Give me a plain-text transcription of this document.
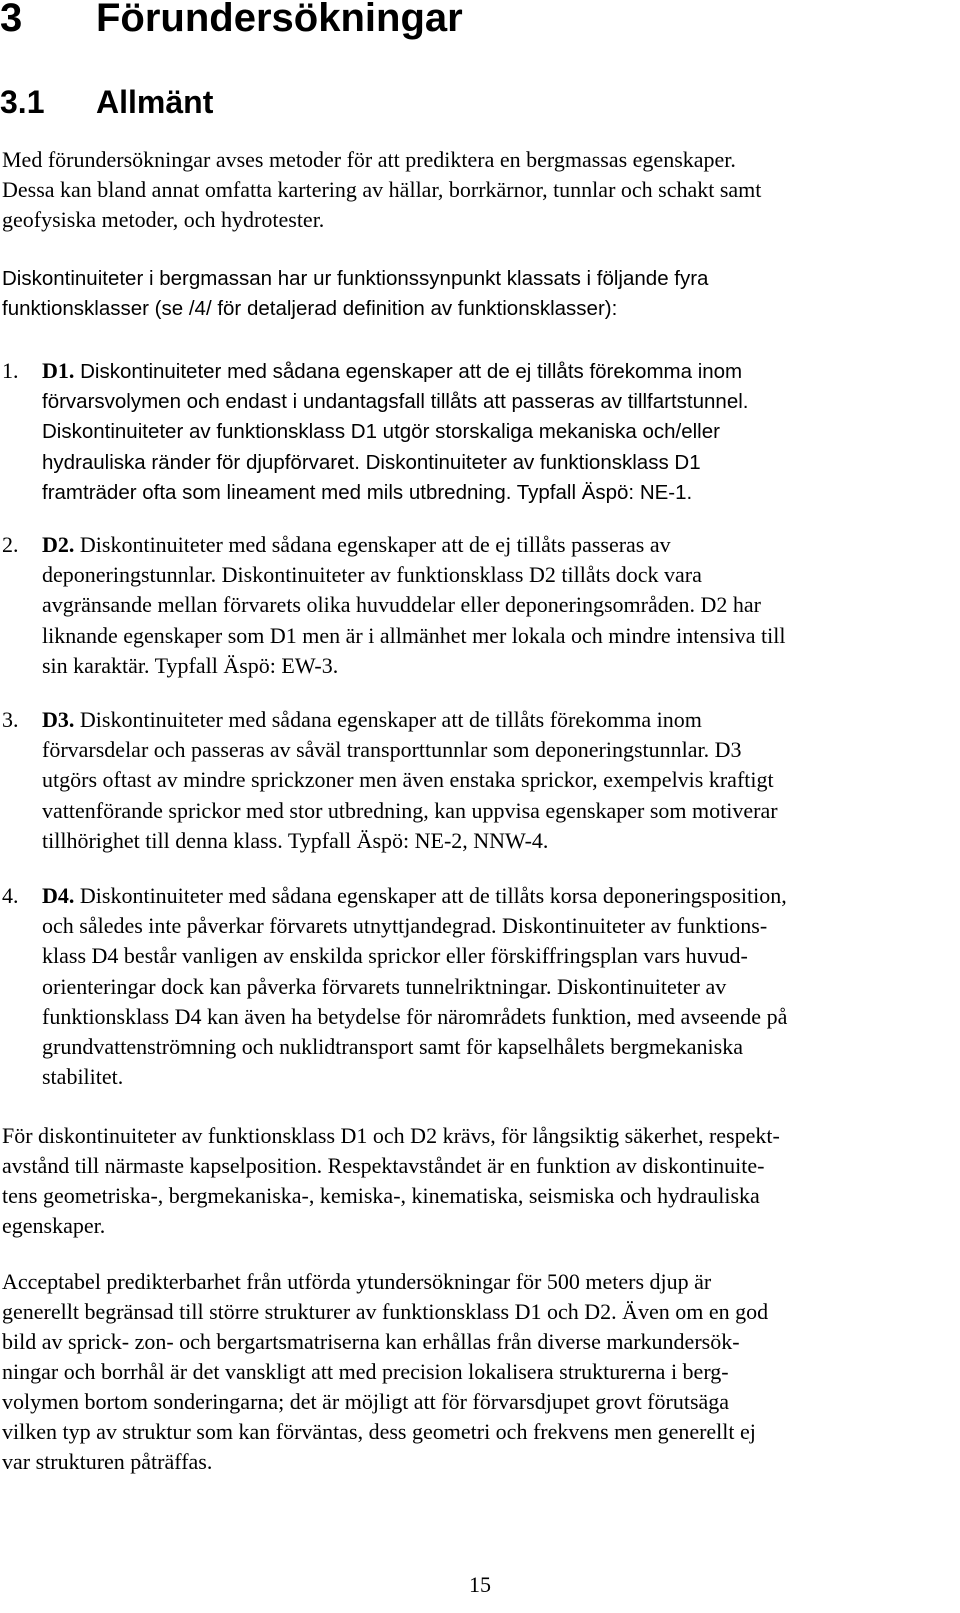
3 Förundersökningar
3.1 Allmänt

Med förundersökningar avses metoder för att prediktera en bergmassas egenskaper.
Dessa kan bland annat omfatta kartering av hällar, borrkärnor, tunnlar och schakt samt
geofysiska metoder, och hydrotester.

Diskontinuiteter i bergmassan har ur funktionssynpunkt klassats i följande fyra
funktionsklasser (se /4/ för detaljerad definition av funktionsklasser):

1. D1. Diskontinuiteter med sådana egenskaper att de ej tillåts förekomma inom
förvarsvolymen och endast i undantagsfall tillåts att passeras av tillfartstunnel.
Diskontinuiteter av funktionsklass D1 utgör storskaliga mekaniska och/eller
hydrauliska ränder för djupförvaret. Diskontinuiteter av funktionsklass D1
framträder ofta som lineament med mils utbredning. Typfall Äspö: NE-1.
2. D2. Diskontinuiteter med sådana egenskaper att de ej tillåts passeras av
deponeringstunnlar. Diskontinuiteter av funktionsklass D2 tillåts dock vara
avgränsande mellan förvarets olika huvuddelar eller deponeringsområden. D2 har
liknande egenskaper som D1 men är i allmänhet mer lokala och mindre intensiva till
sin karaktär. Typfall Äspö: EW-3.
3. D3. Diskontinuiteter med sådana egenskaper att de tillåts förekomma inom
förvarsdelar och passeras av såväl transporttunnlar som deponeringstunnlar. D3
utgörs oftast av mindre sprickzoner men även enstaka sprickor, exempelvis kraftigt
vattenförande sprickor med stor utbredning, kan uppvisa egenskaper som motiverar
tillhörighet till denna klass. Typfall Äspö: NE-2, NNW-4.
4. D4. Diskontinuiteter med sådana egenskaper att de tillåts korsa deponeringsposition,
och således inte påverkar förvarets utnyttjandegrad. Diskontinuiteter av funktions-
klass D4 består vanligen av enskilda sprickor eller förskiffringsplan vars huvud-
orienteringar dock kan påverka förvarets tunnelriktningar. Diskontinuiteter av
funktionsklass D4 kan även ha betydelse för närområdets funktion, med avseende på
grundvattenströmning och nuklidtransport samt för kapselhålets bergmekaniska
stabilitet.

För diskontinuiteter av funktionsklass D1 och D2 krävs, för långsiktig säkerhet, respekt-
avstånd till närmaste kapselposition. Respektavståndet är en funktion av diskontinuite-
tens geometriska-, bergmekaniska-, kemiska-, kinematiska, seismiska och hydrauliska
egenskaper.

Acceptabel predikterbarhet från utförda ytundersökningar för 500 meters djup är
generellt begränsad till större strukturer av funktionsklass D1 och D2. Även om en god
bild av sprick- zon- och bergartsmatriserna kan erhållas från diverse markundersök-
ningar och borrhål är det vanskligt att med precision lokalisera strukturerna i berg-
volymen bortom sonderingarna; det är möjligt att för förvarsdjupet grovt förutsäga
vilken typ av struktur som kan förväntas, dess geometri och frekvens men generellt ej
var strukturen påträffas.

15
